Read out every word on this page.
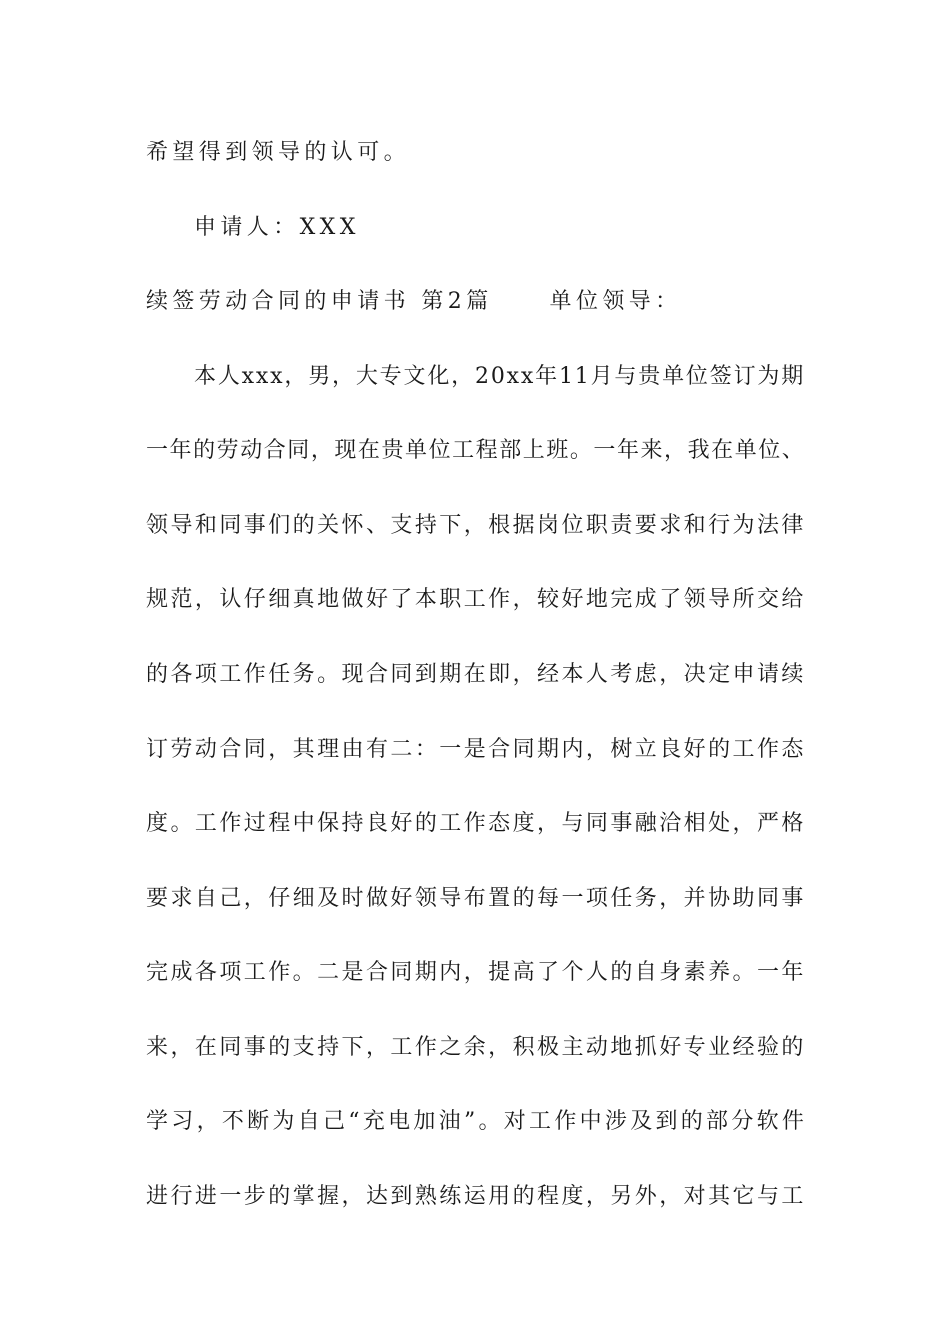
希望得到领导的认可。
申请人：XXX
续签劳动合同的申请书 第2篇     单位领导：
本人xxx，男，大专文化，20xx年11月与贵单位签订为期
一年的劳动合同，现在贵单位工程部上班。一年来，我在单位、
领导和同事们的关怀、支持下，根据岗位职责要求和行为法律
规范，认仔细真地做好了本职工作，较好地完成了领导所交给
的各项工作任务。现合同到期在即，经本人考虑，决定申请续
订劳动合同，其理由有二：一是合同期内，树立良好的工作态
度。工作过程中保持良好的工作态度，与同事融洽相处，严格
要求自己，仔细及时做好领导布置的每一项任务，并协助同事
完成各项工作。二是合同期内，提高了个人的自身素养。一年
来，在同事的支持下，工作之余，积极主动地抓好专业经验的
学习，不断为自己“充电加油”。对工作中涉及到的部分软件
进行进一步的掌握，达到熟练运用的程度，另外，对其它与工
